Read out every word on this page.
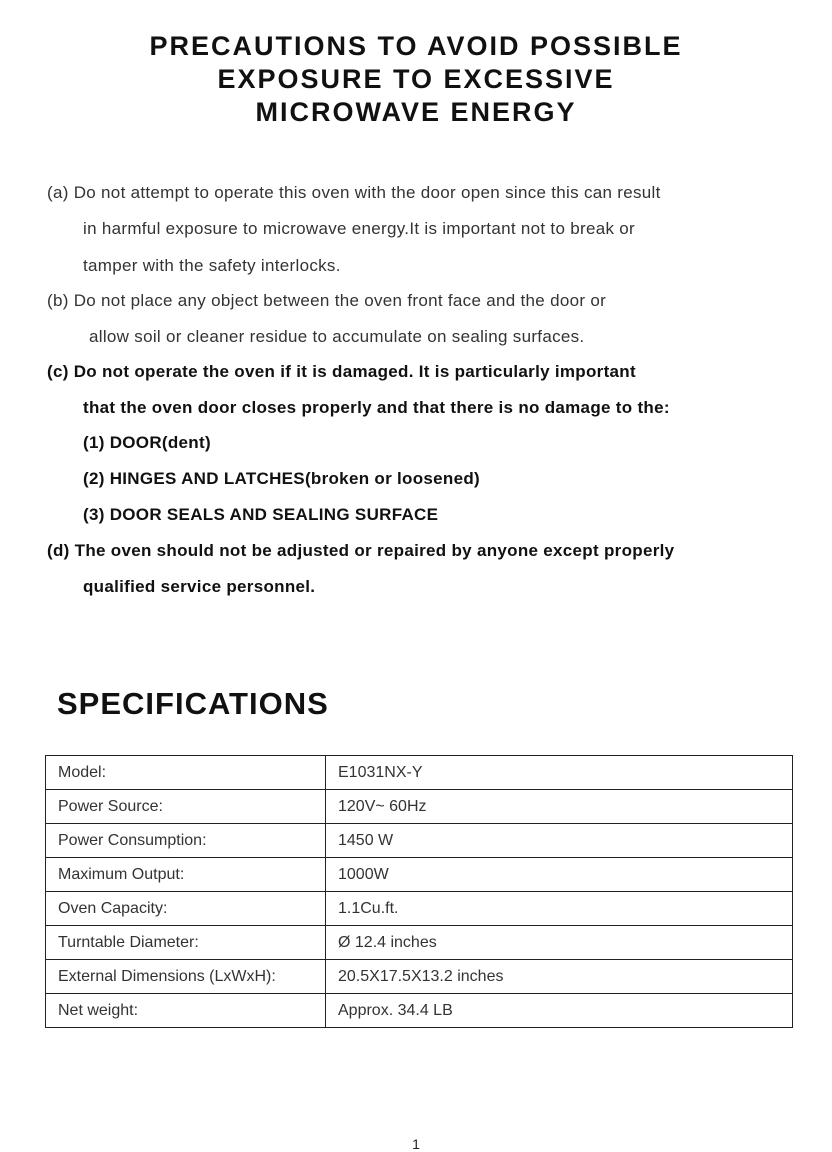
PRECAUTIONS TO AVOID POSSIBLE
EXPOSURE TO EXCESSIVE
MICROWAVE ENERGY
(a) Do not attempt to operate this oven with the door open since this can result
in harmful exposure to microwave energy.It is important not to break or
tamper with the safety interlocks.
(b) Do not place any object between the oven front face and the door or
allow soil or cleaner residue to accumulate on sealing surfaces.
(c) Do not operate the oven if it is damaged. It is particularly important
that the oven door closes properly and that there is no damage to the:
(1) DOOR(dent)
(2) HINGES AND LATCHES(broken or loosened)
(3) DOOR SEALS AND SEALING SURFACE
(d) The oven should not be adjusted or repaired by anyone except properly
qualified service personnel.
SPECIFICATIONS
Model:	E1031NX-Y
Power Source:	120V~ 60Hz
Power Consumption:	1450 W
Maximum Output:	1000W
Oven Capacity:	1.1Cu.ft.
Turntable Diameter:	Ø 12.4 inches
External Dimensions (LxWxH):	20.5X17.5X13.2 inches
Net weight:	Approx. 34.4 LB
1
